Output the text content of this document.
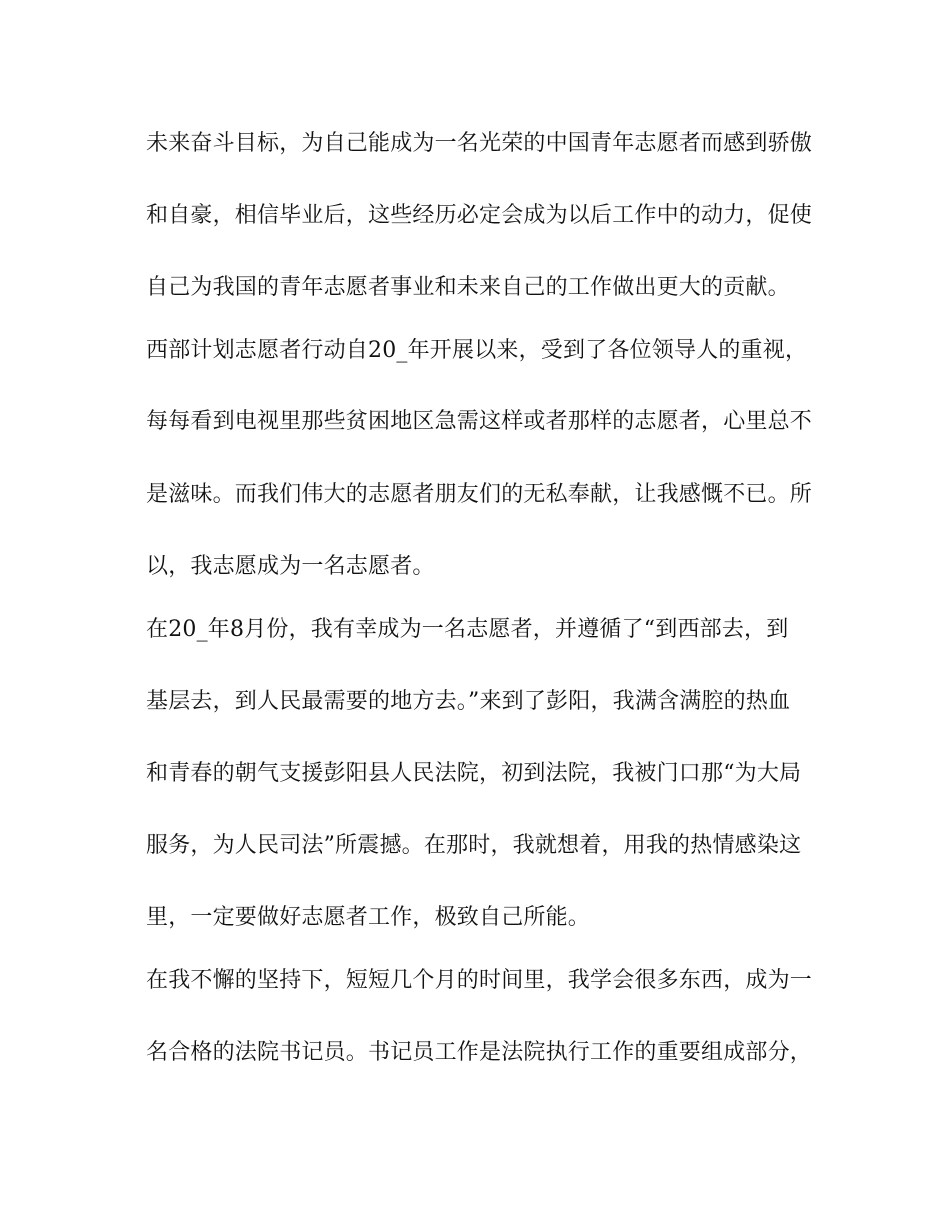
未来奋斗目标，为自己能成为一名光荣的中国青年志愿者而感到骄傲
和自豪，相信毕业后，这些经历必定会成为以后工作中的动力，促使
自己为我国的青年志愿者事业和未来自己的工作做出更大的贡献。
西部计划志愿者行动自20_年开展以来，受到了各位领导人的重视，
每每看到电视里那些贫困地区急需这样或者那样的志愿者，心里总不
是滋味。而我们伟大的志愿者朋友们的无私奉献，让我感慨不已。所
以，我志愿成为一名志愿者。
在20_年8月份，我有幸成为一名志愿者，并遵循了“到西部去，到
基层去，到人民最需要的地方去。”来到了彭阳，我满含满腔的热血
和青春的朝气支援彭阳县人民法院，初到法院，我被门口那“为大局
服务，为人民司法”所震撼。在那时，我就想着，用我的热情感染这
里，一定要做好志愿者工作，极致自己所能。
在我不懈的坚持下，短短几个月的时间里，我学会很多东西，成为一
名合格的法院书记员。书记员工作是法院执行工作的重要组成部分，
